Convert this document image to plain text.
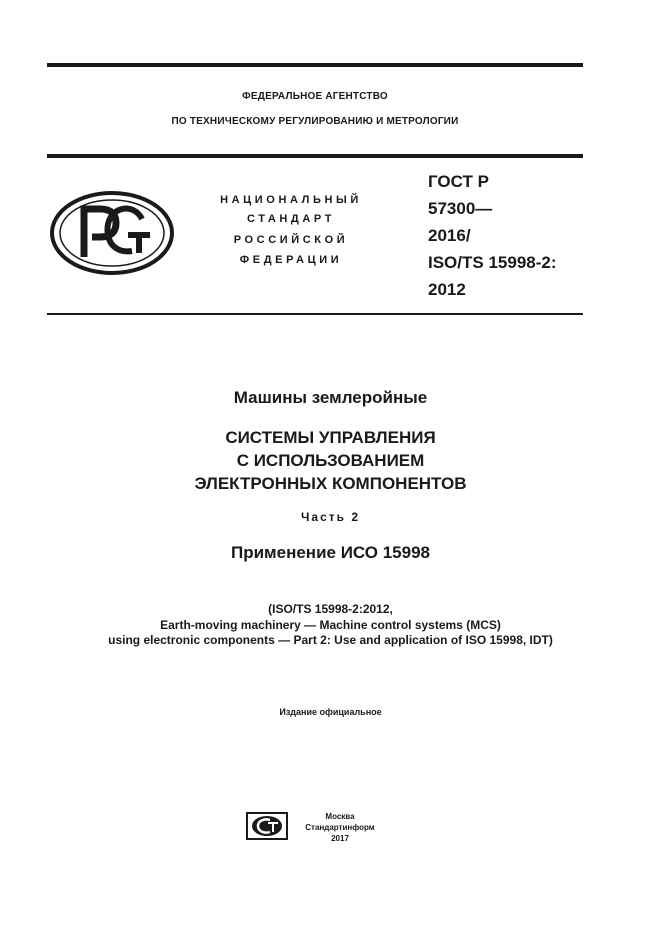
ФЕДЕРАЛЬНОЕ АГЕНТСТВО
ПО ТЕХНИЧЕСКОМУ РЕГУЛИРОВАНИЮ И МЕТРОЛОГИИ
НАЦИОНАЛЬНЫЙ
СТАНДАРТ
РОССИЙСКОЙ
ФЕДЕРАЦИИ
ГОСТ Р
57300—
2016/
ISO/TS 15998-2:
2012
Машины землеройные
СИСТЕМЫ УПРАВЛЕНИЯ
С ИСПОЛЬЗОВАНИЕМ
ЭЛЕКТРОННЫХ КОМПОНЕНТОВ
Часть 2
Применение ИСО 15998
(ISO/TS 15998-2:2012,
Earth-moving machinery — Machine control systems (MCS)
using electronic components — Part 2: Use and application of ISO 15998, IDT)
Издание официальное
Москва
Стандартинформ
2017
